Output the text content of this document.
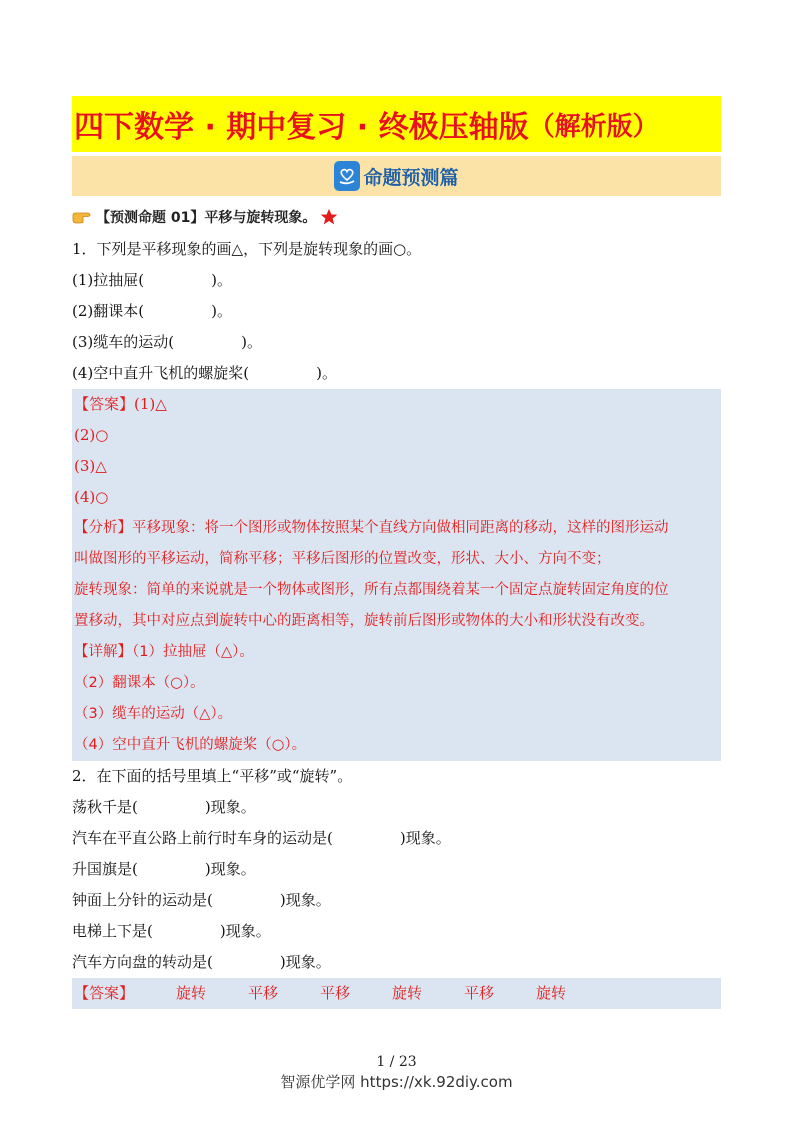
四下数学 · 期中复习 · 终极压轴版 （解析版）
命题预测篇
【预测命题 01】平移与旋转现象。
1．下列是平移现象的画△，下列是旋转现象的画○。
(1)拉抽屉(	)。
(2)翻课本(	)。
(3)缆车的运动(	)。
(4)空中直升飞机的螺旋桨(	)。
【答案】(1)△
(2)○
(3)△
(4)○
【分析】平移现象：将一个图形或物体按照某个直线方向做相同距离的移动，这样的图形运动
叫做图形的平移运动，简称平移；平移后图形的位置改变，形状、大小、方向不变；
旋转现象：简单的来说就是一个物体或图形，所有点都围绕着某一个固定点旋转固定角度的位
置移动，其中对应点到旋转中心的距离相等，旋转前后图形或物体的大小和形状没有改变。
【详解】（1）拉抽屉（△）。
（2）翻课本（○）。
（3）缆车的运动（△）。
（4）空中直升飞机的螺旋桨（○）。
2．在下面的括号里填上“平移”或“旋转”。
荡秋千是(	)现象。
汽车在平直公路上前行时车身的运动是(	)现象。
升国旗是(	)现象。
钟面上分针的运动是(	)现象。
电梯上下是(	)现象。
汽车方向盘的转动是(	)现象。
【答案】	旋转	平移	平移	旋转	平移	旋转
1 / 23
智源优学网 https://xk.92diy.com
